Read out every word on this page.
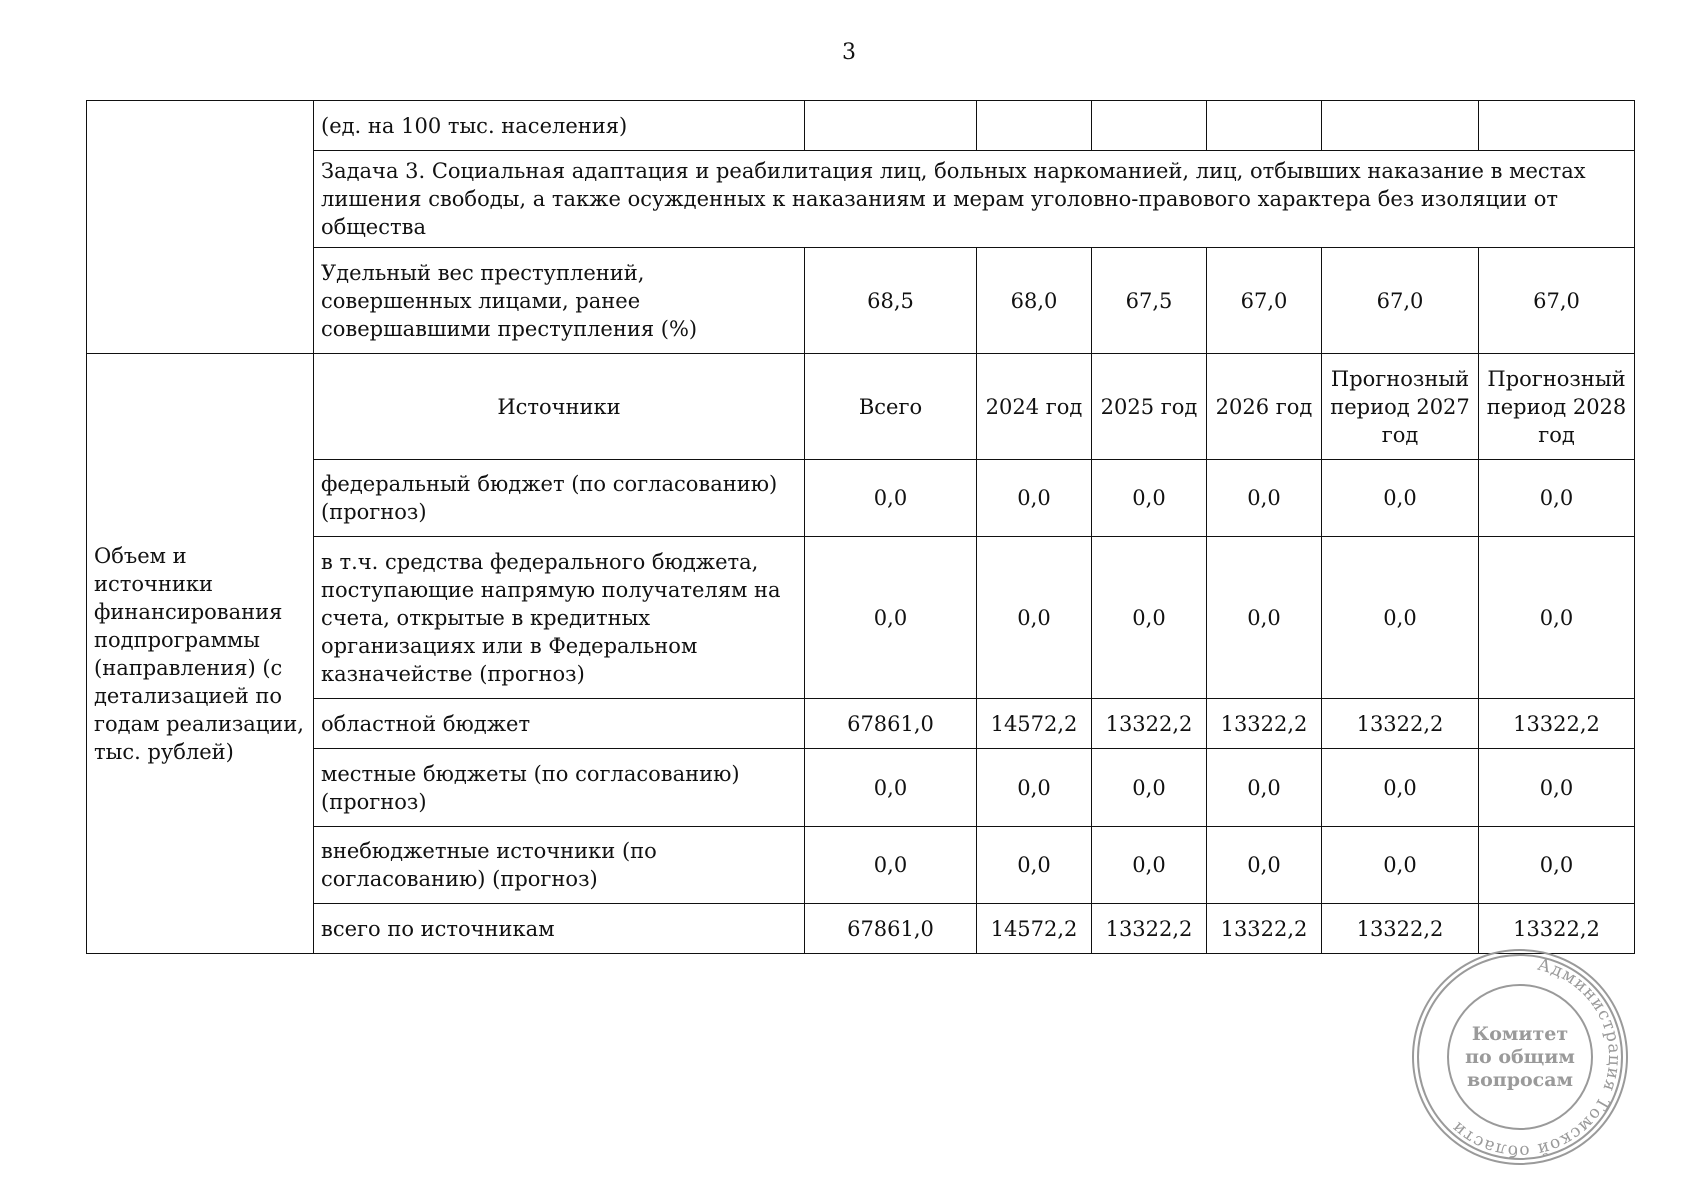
3
	(ед. на 100 тыс. населения)						
	Задача 3. Социальная адаптация и реабилитация лиц, больных наркоманией, лиц, отбывших наказание в местах лишения свободы, а также осужденных к наказаниям и мерам уголовно-правового характера без изоляции от общества						
	Удельный вес преступлений, совершенных лицами, ранее совершавшими преступления (%)	68,5	68,0	67,5	67,0	67,0	67,0
Объем и источники финансирования подпрограммы (направления) (с детализацией по годам реализации, тыс. рублей)	Источники	Всего	2024 год	2025 год	2026 год	Прогнозный период 2027 год	Прогнозный период 2028 год
	федеральный бюджет (по согласованию) (прогноз)	0,0	0,0	0,0	0,0	0,0	0,0
	в т.ч. средства федерального бюджета, поступающие напрямую получателям на счета, открытые в кредитных организациях или в Федеральном казначействе (прогноз)	0,0	0,0	0,0	0,0	0,0	0,0
	областной бюджет	67861,0	14572,2	13322,2	13322,2	13322,2	13322,2
	местные бюджеты (по согласованию) (прогноз)	0,0	0,0	0,0	0,0	0,0	0,0
	внебюджетные источники (по согласованию) (прогноз)	0,0	0,0	0,0	0,0	0,0	0,0
	всего по источникам	67861,0	14572,2	13322,2	13322,2	13322,2	13322,2
Администрация Томской области
Комитет
по общим
вопросам
